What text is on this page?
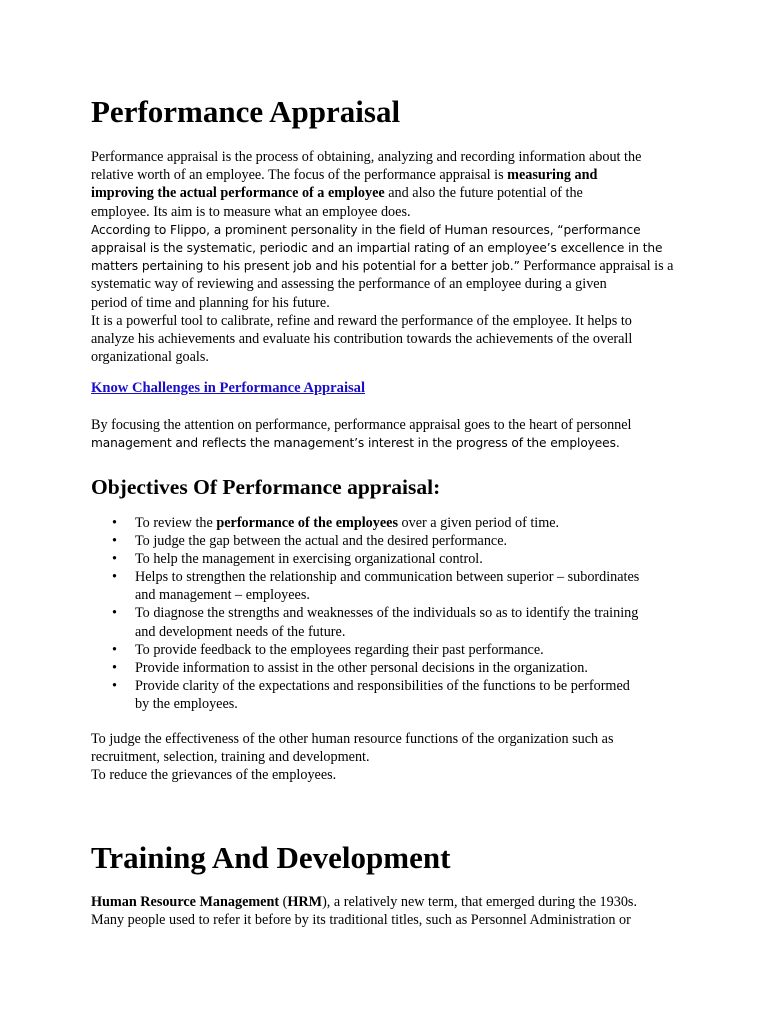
Performance Appraisal
Performance appraisal is the process of obtaining, analyzing and recording information about the
relative worth of an employee. The focus of the performance appraisal is measuring and
improving the actual performance of a employee and also the future potential of the
employee. Its aim is to measure what an employee does.
According to Flippo, a prominent personality in the field of Human resources, “performance
appraisal is the systematic, periodic and an impartial rating of an employee’s excellence in the
matters pertaining to his present job and his potential for a better job.” Performance appraisal is a
systematic way of reviewing and assessing the performance of an employee during a given
period of time and planning for his future.
It is a powerful tool to calibrate, refine and reward the performance of the employee. It helps to
analyze his achievements and evaluate his contribution towards the achievements of the overall
organizational goals.
Know Challenges in Performance Appraisal
By focusing the attention on performance, performance appraisal goes to the heart of personnel
management and reflects the management’s interest in the progress of the employees.
Objectives Of Performance appraisal:
• To review the performance of the employees over a given period of time.
• To judge the gap between the actual and the desired performance.
• To help the management in exercising organizational control.
• Helps to strengthen the relationship and communication between superior – subordinates
and management – employees.
• To diagnose the strengths and weaknesses of the individuals so as to identify the training
and development needs of the future.
• To provide feedback to the employees regarding their past performance.
• Provide information to assist in the other personal decisions in the organization.
• Provide clarity of the expectations and responsibilities of the functions to be performed
by the employees.
To judge the effectiveness of the other human resource functions of the organization such as
recruitment, selection, training and development.
To reduce the grievances of the employees.
Training And Development
Human Resource Management (HRM), a relatively new term, that emerged during the 1930s.
Many people used to refer it before by its traditional titles, such as Personnel Administration or
